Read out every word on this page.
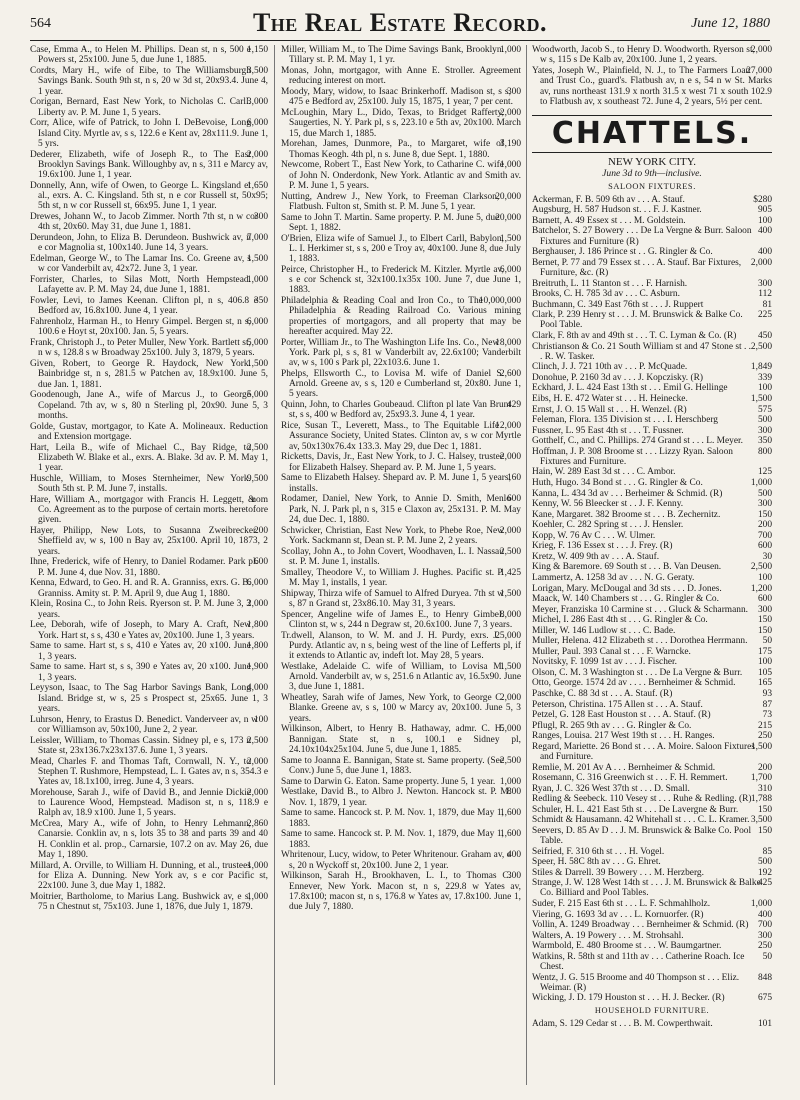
564	The Real Estate Record.	June 12, 1880
1,150
Case, Emma A., to Helen M. Phillips. Dean st, n s, 500 e Powers st, 25x100. June 5, due June 1, 1885.
3,500
Cordts, Mary H., wife of Eibe, to The Williamsburgh Savings Bank. South 9th st, n s, 20 w 3d st, 20x93.4. June 4, 1 year.
3,000
Corigan, Bernard, East New York, to Nicholas C. Carll. Liberty av. P. M. June 1, 5 years.
6,000
Corr, Alice, wife of Patrick, to John I. DeBevoise, Long Island City. Myrtle av, s s, 122.6 e Kent av, 28x111.9. June 1, 5 yrs.
2,000
Dederer, Elizabeth, wife of Joseph R., to The East Brooklyn Savings Bank. Willoughby av, n s, 311 e Marcy av, 19.6x100. June 1, 1 year.
1,650
Donnelly, Ann, wife of Owen, to George L. Kingsland et al., exrs. A. C. Kingsland. 5th st, n e cor Russell st, 50x95; 5th st, n w cor Russell st, 66x95. June 1, 1 year.
300
Drewes, Johann W., to Jacob Zimmer. North 7th st, n w cor 4th st, 20x60. May 31, due June 1, 1881.
7,000
Derundeon, John, to Eliza B. Derundeon. Bushwick av, n e cor Magnolia st, 100x140. June 14, 3 years.
1,500
Edelman, George W., to The Lamar Ins. Co. Greene av, s w cor Vanderbilt av, 42x72. June 3, 1 year.
1,000
Forrister, Charles, to Silas Mott, North Hempstead. Lafayette av. P. M. May 24, due June 1, 1881.
350
Fowler, Levi, to James Keenan. Clifton pl, n s, 406.8 e Bedford av, 16.8x100. June 4, 1 year.
6,000
Fahrenholz, Harman H., to Henry Gimpel. Bergen st, n s, 100.6 e Hoyt st, 20x100. Jan. 5, 5 years.
5,000
Frank, Christoph J., to Peter Muller, New York. Bartlett st, n w s, 128.8 s w Broadway 25x100. July 3, 1879, 5 years.
1,500
Given, Robert, to George R. Haydock, New York. Bainbridge st, n s, 281.5 w Patchen av, 18.9x100. June 5, due Jan. 1, 1881.
5,000
Goodenough, Jane A., wife of Marcus J., to George Copeland. 7th av, w s, 80 n Sterling pl, 20x90. June 5, 3 months.
Golde, Gustav, mortgagor, to Kate A. Molineaux. Reduction and Extension mortgage.
2,500
Hart, Leila B., wife of Michael C., Bay Ridge, to Elizabeth W. Blake et al., exrs. A. Blake. 3d av. P. M. May 1, 1 year.
9,500
Huschle, William, to Moses Sternheimer, New York. South 5th st. P. M. June 7, installs.
nom
Hare, William A., mortgagor with Francis H. Leggett, & Co. Agreement as to the purpose of certain morts. heretofore given.
200
Hayer, Philipp, New Lots, to Susanna Zweibrecker. Sheffield av, w s, 100 n Bay av, 25x100. April 10, 1873, 2 years.
600
Ihne, Frederick, wife of Henry, to Daniel Rodamer. Park pl. P. M. June 4, due Nov. 31, 1880.
6,000
Kenna, Edward, to Geo. H. and R. A. Granniss, exrs. G. B. Granniss. Amity st. P. M. April 9, due Aug 1, 1880.
2,000
Klein, Rosina C., to John Reis. Ryerson st. P. M. June 3, 3 years.
1,800
Lee, Deborah, wife of Joseph, to Mary A. Craft, New York. Hart st, s s, 430 e Yates av, 20x100. June 1, 3 years.
1,800
Same to same. Hart st, s s, 410 e Yates av, 20 x100. June 1, 3 years.
1,900
Same to same. Hart st, s s, 390 e Yates av, 20 x100. June 1, 3 years.
4,000
Leyyson, Isaac, to The Sag Harbor Savings Bank, Long Island. Bridge st, w s, 25 s Prospect st, 25x65. June 1, 3 years.
100
Luhrson, Henry, to Erastus D. Benedict. Vanderveer av, n w cor Williamson av, 50x100, June 2, 2 year.
2,500
Leissler, William, to Thomas Cassin. Sidney pl, e s, 173 n State st, 23x136.7x23x137.6. June 1, 3 years.
2,000
Mead, Charles F. and Thomas Taft, Cornwall, N. Y., to Stephen T. Rushmore, Hempstead, L. I. Gates av, n s, 354.3 e Yates av, 18.1x100, irreg. June 4, 3 years.
2,000
Morehouse, Sarah J., wife of David B., and Jennie Dickie to Laurence Wood, Hempstead. Madison st, n s, 118.9 e Ralph av, 18.9 x100. June 1, 5 years.
2,860
McCrea, Mary A., wife of John, to Henry Lehmann, Canarsie. Conklin av, n s, lots 35 to 38 and parts 39 and 40 H. Conklin et al. prop., Carnarsie, 107.2 on av. May 26, due May 1, 1890.
1,000
Millard, A. Orville, to William H. Dunning, et al., trustees for Eliza A. Dunning. New York av, s e cor Pacific st, 22x100. June 3, due May 1, 1882.
1,000
Moitrier, Bartholome, to Marius Lang. Bushwick av, e s, 75 n Chestnut st, 75x103. June 1, 1876, due July 1, 1879.
1,000
Miller, William M., to The Dime Savings Bank, Brooklyn. Tillary st. P. M. May 1, 1 yr.
Monas, John, mortgagor, with Anne E. Stroller. Agreement reducing interest on mort.
300
Moody, Mary, widow, to Isaac Brinkerhoff. Madison st, s s, 475 e Bedford av, 25x100. July 15, 1875, 1 year, 7 per cent.
2,000
McLoughin, Mary L., Dido, Texas, to Bridget Rafferty, Saugerties, N. Y. Park pl, s s, 223.10 e 5th av, 20x100. March 15, due March 1, 1885.
3,190
Morehan, James, Dunmore, Pa., to Margaret, wife of Thomas Keogh. 4th pl, n s. June 8, due Sept. 1, 1880.
1,000
Newcome, Robert T., East New York, to Catharine C. wife of John N. Onderdonk, New York. Atlantic av and Smith av. P. M. June 1, 5 years.
20,000
Nutting, Andrew J., New York, to Freeman Clarkson, Flatbush. Fulton st, Smith st. P. M. June 5, 1 year.
20,000
Same to John T. Martin. Same property. P. M. June 5, due Sept. 1, 1882.
1,500
O'Brien, Eliza wife of Samuel J., to Elbert Carll, Babylon, L. I. Herkimer st, s s, 200 e Troy av, 40x100. June 8, due July 1, 1883.
6,000
Peirce, Christopher H., to Frederick M. Kitzler. Myrtle av, s e cor Schenck st, 32x100.1x35x 100. June 7, due June 1, 1883.
10,000,000
Philadelphia & Reading Coal and Iron Co., to The Philadelphia & Reading Railroad Co. Various mining properties of mortgagors, and all property that may be hereafter acquired. May 22.
18,000
Porter, William Jr., to The Washington Life Ins. Co., New York. Park pl, s s, 81 w Vanderbilt av, 22.6x100; Vanderbilt av, w s, 100 s Park pl, 22x103.6. June 1.
2,600
Phelps, Ellsworth C., to Lovisa M. wife of Daniel S. Arnold. Greene av, s s, 120 e Cumberland st, 20x80. June 1, 5 years.
429
Quinn, John, to Charles Goubeaud. Clifton pl late Van Brunt st, s s, 400 w Bedford av, 25x93.3. June 4, 1 year.
12,000
Rice, Susan T., Leverett, Mass., to The Equitable Life Assurance Society, United States. Clinton av, s w cor Myrtle av, 50x130x76.4x 133.3. May 29, due Dec 1, 1881.
2,000
Ricketts, Davis, Jr., East New York, to J. C. Halsey, trustee for Elizabeth Halsey. Shepard av. P. M. June 1, 5 years.
160
Same to Elizabeth Halsey. Shepard av. P. M. June 1, 5 years, installs.
600
Rodamer, Daniel, New York, to Annie D. Smith, Menlo Park, N. J. Park pl, n s, 315 e Claxon av, 25x131. P. M. May 24, due Dec. 1, 1880.
2,000
Schwicker, Christian, East New York, to Phebe Roe, New York. Sackmann st, Dean st. P. M. June 2, 2 years.
2,500
Scollay, John A., to John Covert, Woodhaven, L. I. Nassau st. P. M. June 1, installs.
1,425
Smalley, Theodore V., to William J. Hughes. Pacific st. P. M. May 1, installs, 1 year.
1,500
Shipway, Thirza wife of Samuel to Alfred Duryea. 7th st w s, 87 n Grand st, 23x86.10. May 31, 3 years.
8,000
Spencer, Angeline wife of James E., to Henry Gimbel. Clinton st, w s, 244 n Degraw st, 20.6x100. June 7, 3 years.
25,000
Tr.dwell, Alanson, to W. M. and J. H. Purdy, exrs. J. Purdy. Atlantic av, n s, being west of the line of Lefferts pl, if it extends to Atlantic av, indeft lot. May 28, 5 years.
1,500
Westlake, Adelaide C. wife of William, to Lovisa M. Arnold. Vanderbilt av, w s, 251.6 n Atlantic av, 16.5x90. June 3, due June 1, 1881.
2,000
Wheatley, Sarah wife of James, New York, to George C. Blanke. Greene av, s s, 100 w Marcy av, 20x100. June 5, 3 years.
5,000
Wilkinson, Albert, to Henry B. Hathaway, admr. C. H. Bannigan. State st, n s, 100.1 e Sidney pl, 24.10x104x25x104. June 5, due June 1, 1885.
2,500
Same to Joanna E. Bannigan, State st. Same property. (See Conv.) June 5, due June 1, 1883.
1,000
Same to Darwin G. Eaton. Same property. June 5, 1 year.
800
Westlake, David B., to Albro J. Newton. Hancock st. P. M. Nov. 1, 1879, 1 year.
1,600
Same to same. Hancock st. P. M. Nov. 1, 1879, due May 1, 1883.
1,600
Same to same. Hancock st. P. M. Nov. 1, 1879, due May 1, 1883.
400
Whritenour, Lucy, widow, to Peter Whritenour. Graham av, e s, 20 n Wyckoff st, 20x100. June 2, 1 year.
300
Wilkinson, Sarah H., Brookhaven, L. I., to Thomas C. Ennever, New York. Macon st, n s, 229.8 w Yates av, 17.8x100; macon st, n s, 176.8 w Yates av, 17.8x100. June 1, due July 7, 1880.
2,000
Woodworth, Jacob S., to Henry D. Woodworth. Ryerson st, w s, 115 s De Kalb av, 20x100. June 1, 2 years.
27,000
Yates, Joseph W., Plainfield, N. J., to The Farmers Loan and Trust Co., guard's. Flatbush av, n e s, 54 n w St. Marks av, runs northeast 131.9 x north 31.5 x west 71 x south 102.9 to Flatbush av, x southeast 72. June 4, 2 years, 5½ per cent.
CHATTELS.
NEW YORK CITY.
June 3d to 9th—inclusive.
SALOON FIXTURES.
$280
Ackerman, F. B. 509 6th av . . . A. Stauf.
905
Augsburg, H. 587 Hudson st. . . F. J. Kastner.
100
Barnett, A. 49 Essex st . . . M. Goldstein.
400
Batchelor, S. 27 Bowery . . . De La Vergne & Burr. Saloon Fixtures and Furniture (R)
400
Berghauser, J. 186 Prince st . . G. Ringler & Co.
2,000
Bernet, P. 77 and 79 Essex st . . . A. Stauf. Bar Fixtures, Furniture, &c. (R)
300
Breitruth, L. 11 Stanton st . . . F. Harnish.
112
Brooks, C. H. 785 3d av . . . C. Asburn.
81
Buchmann, C. 349 East 76th st . . . J. Ruppert
225
Clark, P. 239 Henry st . . . J. M. Brunswick & Balke Co. Pool Table.
450
Clark, F. 8th av and 49th st . . . T. C. Lyman & Co. (R)
2,500
Christianson & Co. 21 South William st and 47 Stone st . . . R. W. Tasker.
1,849
Clinch, J. J. 721 10th av . . . P. McQuade.
339
Donohue, P. 2160 3d av . . . J. Kopczisky. (R)
100
Eckhard, J. L. 424 East 13th st . . . Emil G. Hellinge
1,500
Eibs, H. E. 472 Water st . . . H. Heinecke.
575
Ernst, J. O. 15 Wall st . . . H. Wenzel. (R)
500
Feleman, Flora. 135 Division st . . . I. Herschberg
300
Fussner, L. 95 East 4th st . . . T. Fussner.
350
Gotthelf, C., and C. Phillips. 274 Grand st . . . L. Meyer.
800
Hoffman, J. P. 308 Broome st . . . Lizzy Ryan. Saloon Fixtures and Furniture.
125
Hain, W. 289 East 3d st . . . C. Ambor.
1,000
Huth, Hugo. 34 Bond st . . . G. Ringler & Co.
500
Kanna, L. 434 3d av . . . Berheimer & Schmid. (R)
300
Kenny, W. 56 Bleecker st . . J. F. Kenny.
150
Kane, Margaret. 382 Broome st . . . B. Zechernitz.
200
Koehler, C. 282 Spring st . . . J. Hensler.
700
Kopp, W. 76 Av C . . . W. Ulmer.
600
Krieg, F. 136 Essex st . . . J. Frey. (R)
30
Kretz, W. 409 9th av . . . A. Stauf.
2,500
King & Baremore. 69 South st . . . B. Van Deusen.
100
Lammertz, A. 1258 3d av . . . N. G. Geraty.
1,200
Lorigan, Mary. McDougal and 3d sts . . . D. Jones.
600
Maack, W. 140 Chambers st . . . G. Ringler & Co.
300
Meyer, Franziska 10 Carmine st . . . Gluck & Scharmann.
150
Michel, I. 286 East 4th st . . . G. Ringler & Co.
150
Miller, W. 146 Ludlow st . . . C. Bade.
50
Muller, Helena. 412 Elizabeth st . . . Dorothea Herrmann.
175
Muller, Paul. 393 Canal st . . . F. Warncke.
100
Novitsky, F. 1099 1st av . . . J. Fischer.
105
Olson, C. M. 3 Washington st . . . De La Vergne & Burr.
165
Otto, George. 1574 2d av . . . . Bernheimer & Schmid.
93
Paschke, C. 88 3d st . . . A. Stauf. (R)
87
Peterson, Christina. 175 Allen st . . . A. Stauf.
73
Petzel, G. 128 East Houston st . . . A. Stauf. (R)
215
Pflugl, R. 265 9th av . . . G. Ringler & Co.
250
Ranges, Louisa. 217 West 19th st . . . H. Ranges.
1,500
Regard, Mariette. 26 Bond st . . . A. Moire. Saloon Fixtures and Furniture.
200
Remlie, M. 201 Av A . . . Bernheimer & Schmid.
1,700
Rosemann, C. 316 Greenwich st . . . F. H. Remmert.
310
Ryan, J. C. 326 West 37th st . . . D. Small.
1,788
Redling & Seebeck. 110 Vesey st . . . Ruhe & Redling. (R)
150
Schuler, H. L. 421 East 5th st . . . De Lavergne & Burr.
3,500
Schmidt & Hausamann. 42 Whitehall st . . . C. L. Kramer.
150
Seevers, D. 85 Av D . . J. M. Brunswick & Balke Co. Pool Table.
85
Seifried, F. 310 6th st . . . H. Vogel.
500
Speer, H. 58C 8th av . . . G. Ehret.
192
Stiles & Darrell. 39 Bowery . . . M. Herzberg.
425
Strange, J. W. 128 West 14th st . . . J. M. Brunswick & Balke Co. Billiard and Pool Tables.
1,000
Suder, F. 215 East 6th st . . . L. F. Schmahlholz.
400
Viering, G. 1693 3d av . . . L. Kornuorfer. (R)
700
Vollin, A. 1249 Broadway . . . Bernheimer & Schmid. (R)
300
Walters, A. 19 Powery . . . M. Strohsahl.
250
Warmbold, E. 480 Broome st . . . W. Baumgartner.
50
Watkins, R. 58th st and 11th av . . . Catherine Roach. Ice Chest.
848
Wentz, J. G. 515 Broome and 40 Thompson st . . . Eliz. Weimar. (R)
675
Wicking, J. D. 179 Houston st . . . H. J. Becker. (R)
HOUSEHOLD FURNITURE.
101
Adam, S. 129 Cedar st . . . B. M. Cowperthwait.
